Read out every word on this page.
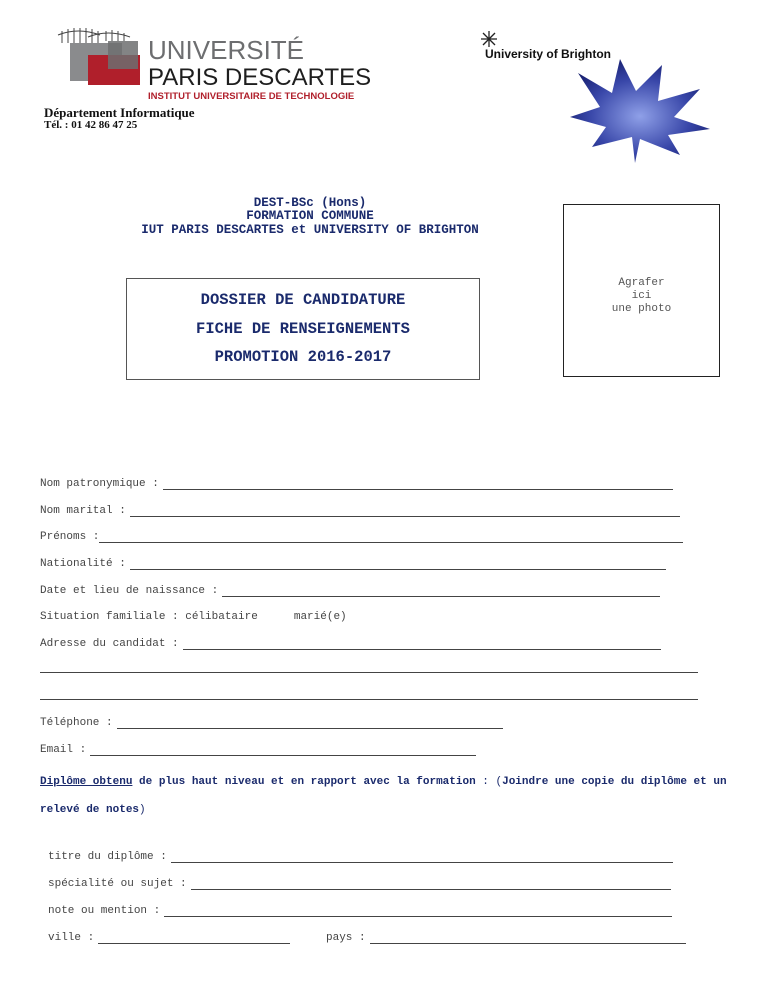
UNIVERSITÉ
PARIS DESCARTES
INSTITUT UNIVERSITAIRE DE TECHNOLOGIE
Département Informatique
Tél. : 01 42 86 47 25
University of Brighton
DEST-BSc (Hons)
FORMATION COMMUNE
IUT PARIS DESCARTES et UNIVERSITY OF BRIGHTON
DOSSIER DE CANDIDATURE
FICHE DE RENSEIGNEMENTS
PROMOTION 2016-2017
Agrafer
ici
une photo
Nom patronymique :
Nom marital :
Prénoms :
Nationalité :
Date et lieu de naissance :
Situation familiale : célibataire	marié(e)
Adresse du candidat :
Téléphone :
Email :
Diplôme obtenu de plus haut niveau et en rapport avec la formation : (Joindre une copie du diplôme et un relevé de notes)
titre du diplôme :
spécialité ou sujet :
note ou mention :
ville :	pays :
